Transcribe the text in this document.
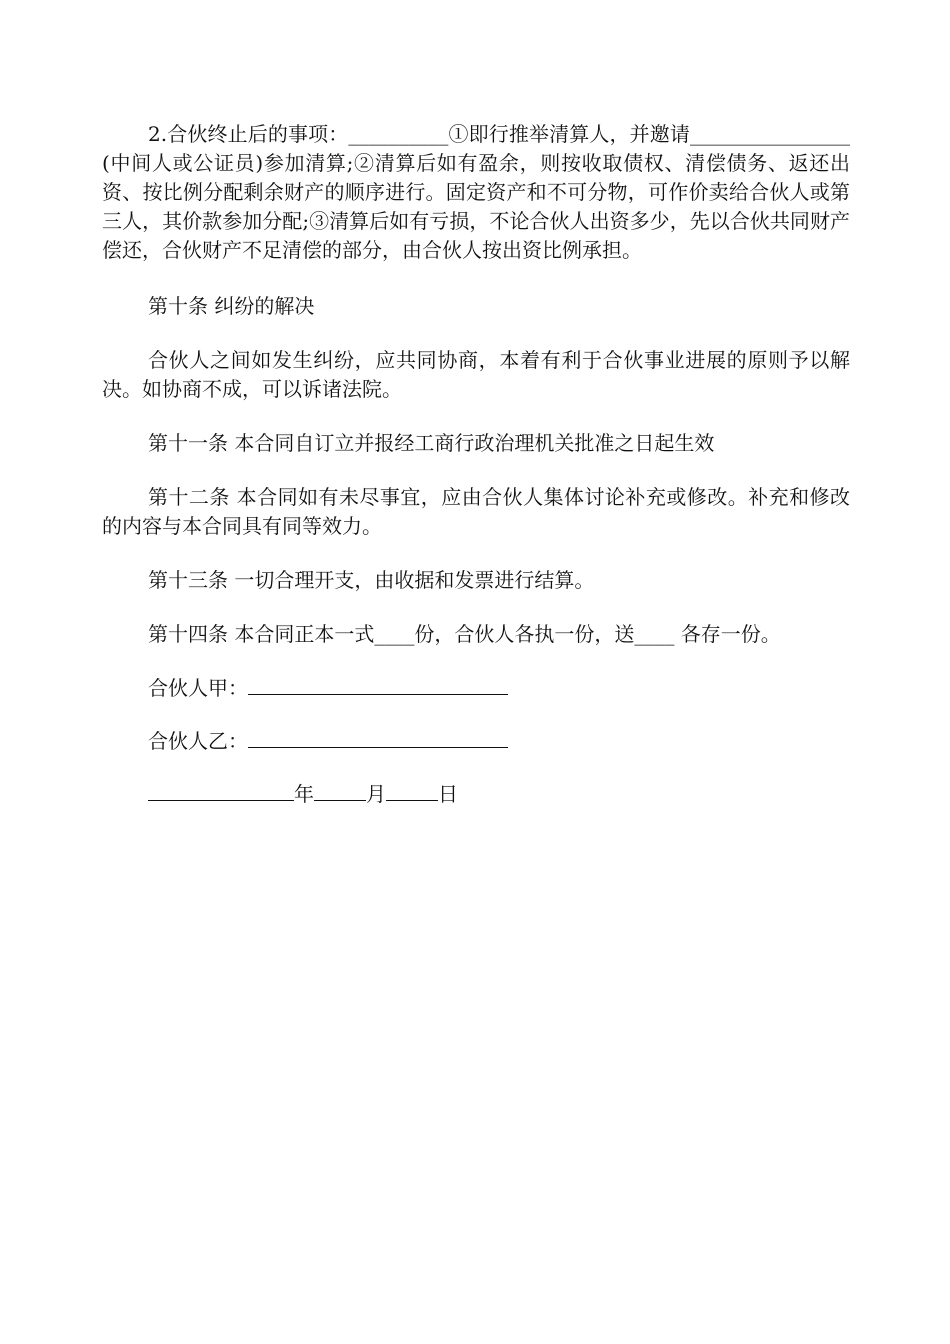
2.合伙终止后的事项：__________①即行推举清算人，并邀请________________(中间人或公证员)参加清算;②清算后如有盈余，则按收取债权、清偿债务、返还出资、按比例分配剩余财产的顺序进行。固定资产和不可分物，可作价卖给合伙人或第三人，其价款参加分配;③清算后如有亏损，不论合伙人出资多少，先以合伙共同财产偿还，合伙财产不足清偿的部分，由合伙人按出资比例承担。

第十条 纠纷的解决

合伙人之间如发生纠纷，应共同协商，本着有利于合伙事业进展的原则予以解决。如协商不成，可以诉诸法院。

第十一条 本合同自订立并报经工商行政治理机关批准之日起生效

第十二条 本合同如有未尽事宜，应由合伙人集体讨论补充或修改。补充和修改的内容与本合同具有同等效力。

第十三条 一切合理开支，由收据和发票进行结算。

第十四条 本合同正本一式____份，合伙人各执一份，送____ 各存一份。

合伙人甲：
合伙人乙：
年	月	日
